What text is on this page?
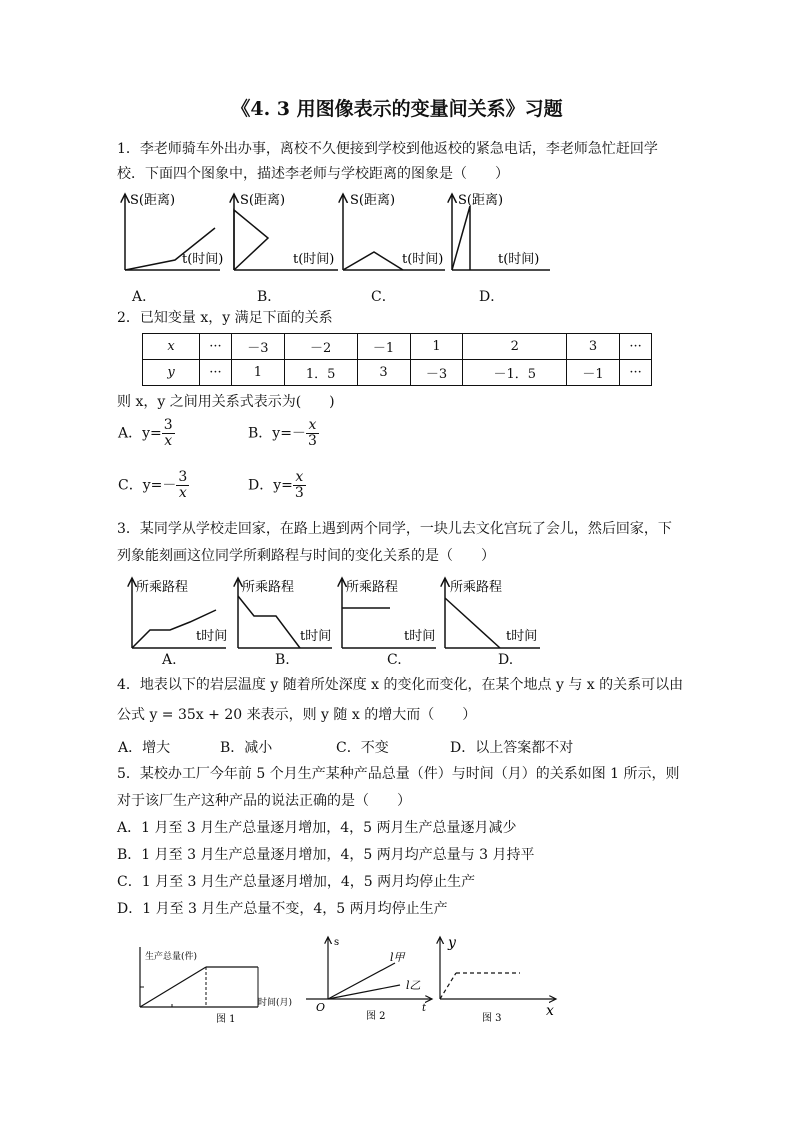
《4. 3 用图像表示的变量间关系》习题
1．李老师骑车外出办事，离校不久便接到学校到他返校的紧急电话，李老师急忙赶回学
校．下面四个图象中，描述李老师与学校距离的图象是（　　）
S(距离)
t(时间)
S(距离)
t(时间)
S(距离)
t(时间)
S(距离)
t(时间)
A．	B．	C．	D．
2．已知变量 x，y 满足下面的关系
x	···	－3	－2	－1	1	2	3	···
y	···	1	1．5	3	－3	－1．5	－1	···
则 x，y 之间用关系式表示为(　　)
A．$y= \frac{3}{x}$	B．$y=- \frac{x}{3}$
C．$y=- \frac{3}{x}$	D．$y= \frac{x}{3}$
3．某同学从学校走回家，在路上遇到两个同学，一块儿去文化宫玩了会儿，然后回家，下
列象能刻画这位同学所剩路程与时间的变化关系的是（　　）
所乘路程
t时间
所乘路程
t时间
所乘路程
t时间
所乘路程
t时间
A.	B.	C.	D.
4．地表以下的岩层温度 y 随着所处深度 x 的变化而变化，在某个地点 y 与 x 的关系可以由
公式 y = 35x + 20 来表示，则 y 随 x 的增大而（　　）
A．增大	B．减小	C．不变	D．以上答案都不对
5．某校办工厂今年前 5 个月生产某种产品总量（件）与时间（月）的关系如图 1 所示，则
对于该厂生产这种产品的说法正确的是（　　）
A．1 月至 3 月生产总量逐月增加，4，5 两月生产总量逐月减少
B．1 月至 3 月生产总量逐月增加，4，5 两月均产总量与 3 月持平
C．1 月至 3 月生产总量逐月增加，4，5 两月均停止生产
D．1 月至 3 月生产总量不变，4，5 两月均停止生产
生产总量(件)
时间(月)
图 1
s
O	t
l甲
l乙
图 2
y
x
图 3
